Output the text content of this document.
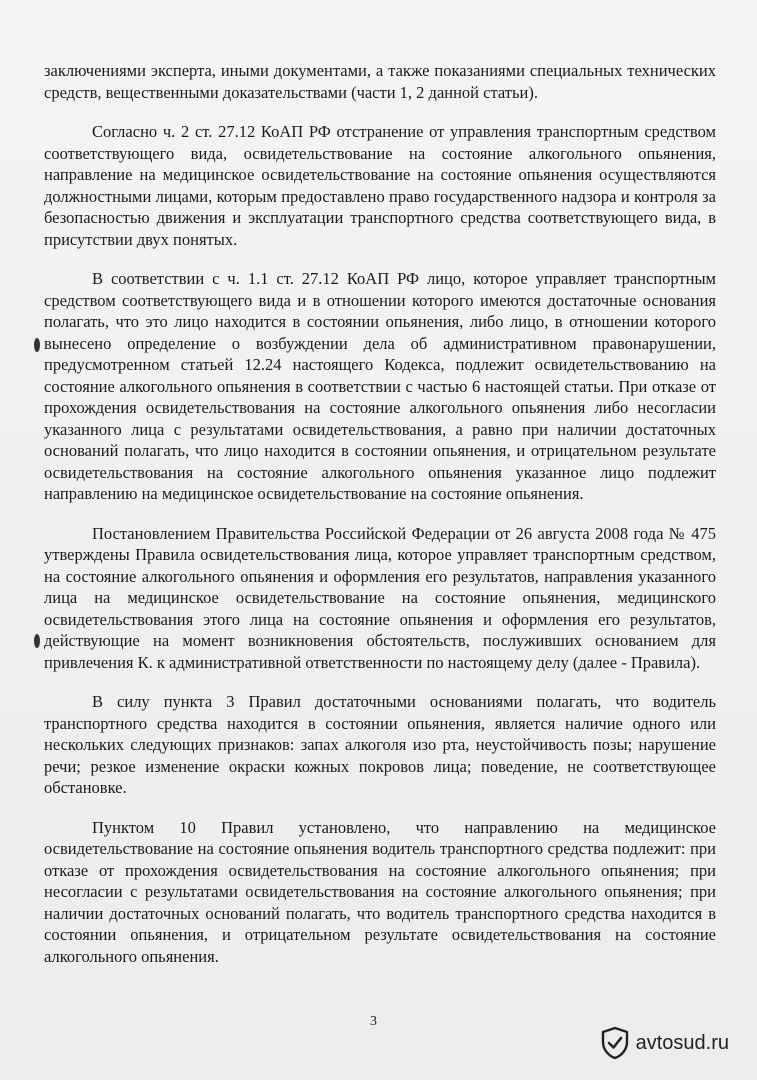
заключениями эксперта, иными документами, а также показаниями специальных технических средств, вещественными доказательствами (части 1, 2 данной статьи).

Согласно ч. 2 ст. 27.12 КоАП РФ отстранение от управления транспортным средством соответствующего вида, освидетельствование на состояние алкогольного опьянения, направление на медицинское освидетельствование на состояние опьянения осуществляются должностными лицами, которым предоставлено право государственного надзора и контроля за безопасностью движения и эксплуатации транспортного средства соответствующего вида, в присутствии двух понятых.

В соответствии с ч. 1.1 ст. 27.12 КоАП РФ лицо, которое управляет транспортным средством соответствующего вида и в отношении которого имеются достаточные основания полагать, что это лицо находится в состоянии опьянения, либо лицо, в отношении которого вынесено определение о возбуждении дела об административном правонарушении, предусмотренном статьей 12.24 настоящего Кодекса, подлежит освидетельствованию на состояние алкогольного опьянения в соответствии с частью 6 настоящей статьи. При отказе от прохождения освидетельствования на состояние алкогольного опьянения либо несогласии указанного лица с результатами освидетельствования, а равно при наличии достаточных оснований полагать, что лицо находится в состоянии опьянения, и отрицательном результате освидетельствования на состояние алкогольного опьянения указанное лицо подлежит направлению на медицинское освидетельствование на состояние опьянения.

Постановлением Правительства Российской Федерации от 26 августа 2008 года № 475 утверждены Правила освидетельствования лица, которое управляет транспортным средством, на состояние алкогольного опьянения и оформления его результатов, направления указанного лица на медицинское освидетельствование на состояние опьянения, медицинского освидетельствования этого лица на состояние опьянения и оформления его результатов, действующие на момент возникновения обстоятельств, послуживших основанием для привлечения К. к административной ответственности по настоящему делу (далее - Правила).

В силу пункта 3 Правил достаточными основаниями полагать, что водитель транспортного средства находится в состоянии опьянения, является наличие одного или нескольких следующих признаков: запах алкоголя изо рта, неустойчивость позы; нарушение речи; резкое изменение окраски кожных покровов лица; поведение, не соответствующее обстановке.

Пунктом 10 Правил установлено, что направлению на медицинское освидетельствование на состояние опьянения водитель транспортного средства подлежит: при отказе от прохождения освидетельствования на состояние алкогольного опьянения; при несогласии с результатами освидетельствования на состояние алкогольного опьянения; при наличии достаточных оснований полагать, что водитель транспортного средства находится в состоянии опьянения, и отрицательном результате освидетельствования на состояние алкогольного опьянения.

3
avtosud.ru
